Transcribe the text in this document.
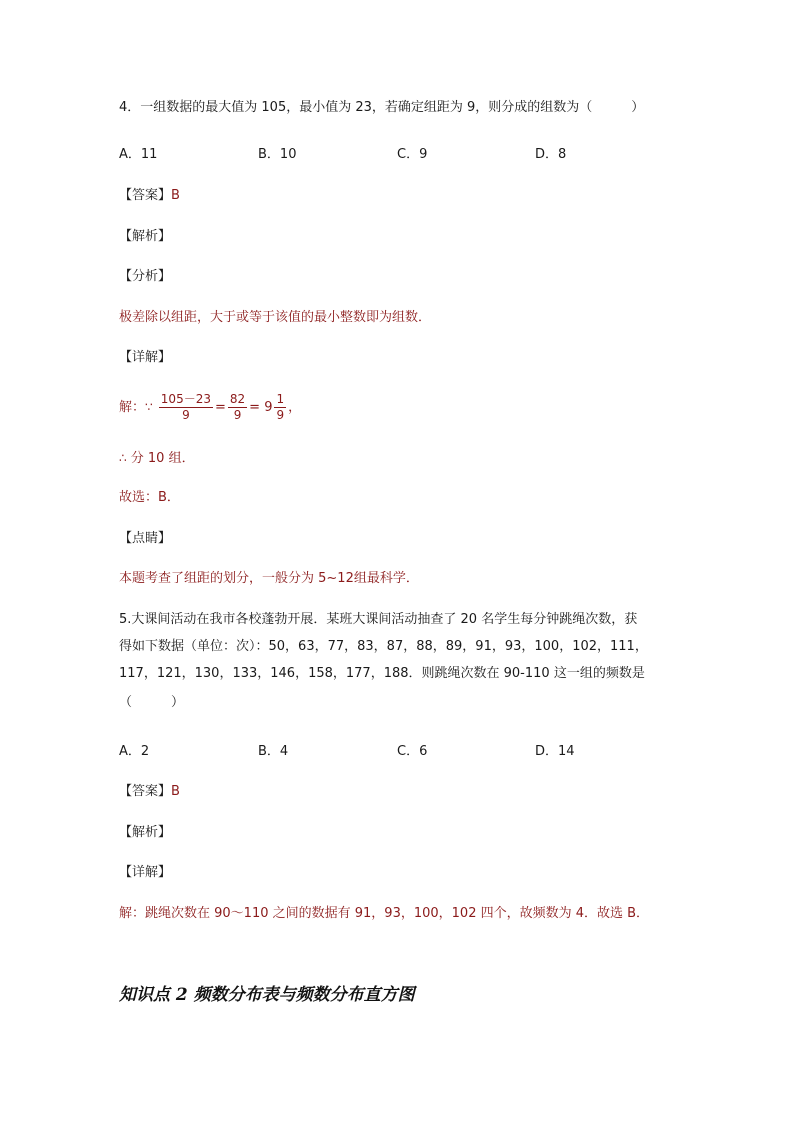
4．一组数据的最大值为 105，最小值为 23，若确定组距为 9，则分成的组数为（　　　）
A．11	B．10	C．9	D．8
【答案】B
【解析】
【分析】
极差除以组距，大于或等于该值的最小整数即为组数．
【详解】
解：∵ $\frac{105-23}{9} = \frac{82}{9} = 9 \frac{1}{9}$ ，
∴ 分 10 组．
故选：B．
【点睛】
本题考查了组距的划分，一般分为 5~12组最科学．
5.大课间活动在我市各校蓬勃开展．某班大课间活动抽查了 20 名学生每分钟跳绳次数，获
得如下数据（单位：次）：50，63，77，83，87，88，89，91，93，100，102，111，
117，121，130，133，146，158，177，188．则跳绳次数在 90-110 这一组的频数是
（　　　）
A．2	B．4	C．6	D．14
【答案】B
【解析】
【详解】
解：跳绳次数在 90～110 之间的数据有 91，93，100，102 四个，故频数为 4．故选 B．
知识点 2 频数分布表与频数分布直方图
